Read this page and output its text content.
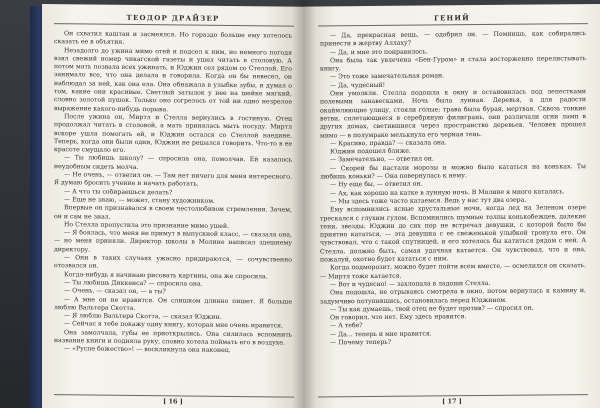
ТЕОДОР ДРАЙЗЕР

Он схватил каштан и засмеялся. Но гораздо больше ему хотелось сказать ее в объятия.

Незадолго до ужина мимо отей и подсел к ним, но немного погодя взял свежий номер чикагской газеты и ушел читать в столовую. А потом мать позвала всех ужинать, и Юджин сел рядом со Стеллой. Его занимало все, что она делала и говорила. Когда он бы невесел, он наблюдал за ней, как она ела. Она обнажала в улыбке зубы, и думал о том, какие они красивые. Светлый затылок у нее на шейке мягкий, словно золотой пушок. Только оно согрелось от той ни одно незрелое выражение какого-нибудь порыва.

После ужина он, Миртл и Стелла вернулись в гостиную. Отец продолжал читать в столовой, а мать принялась мыть посуду. Миртл вскоре ушла помогать ей, и Юджин остался со Стеллой наедине. Теперь, когда они были одни, Юджин не решался говорить. Что-то в ее красоте смущало его.

— Ты любишь школу? — спросила она, помолчав. Ей казалось неудобным сидеть молча.

— Не очень, — ответил он. — Там нет ничего для меня интересного. Я думаю бросить учение и начать работать.

— А что ты собираешься делать?

— Еще не знаю, — может, стану художником.

Впервые он признавался в своем честолюбивом стремлении. Зачем, он и сам не знал.

Но Стелла пропустила это признание мимо ушей.

— Я боялась, что меня не примут в выпускной класс, — сказала она, — но меня приняли. Директор школы в Молине написал здешнему директору.

— Они в таких случаях ужасно придираются, — сочувственно отозвался он.

Когда-нибудь я начинаю рисовать картины, она же спросила.

— Ты любишь Диккенса? — спросила она.

— Очень, — сказал он, — а ты?

— А мне он не нравится. Он слишком длинно пишет. Я больше люблю Вальтера Скотта.

— Я люблю Вальтера Скотта, — сказал Юджин.

— Сейчас я тебе покажу одну книгу, которая мне очень нравится.

Она замолчала, губы ее приоткрылись. Она силилась вспомнить название книги и подняла руку, словно хотела поймать его в воздухе.

— «Руспе божество»! — воскликнула она наконец.

[ 16 ]
ГЕНИЙ

— Да, прекрасная вещь, — одобрил он. — Помнишь, как собирались принести в жертву Аллаху?

— Да, и мне это понравилось.

Она была так увлечена «Бен-Гуром» и стала восторженно перелистывать книгу.

— Это тоже замечательная роман.

— Да, чудесный!

Они умолкли. Стелла подошла к окну и остановилась под лепестками полевыми занавесками. Ночь была лунная. Деревья, а для радости окаймляющие улицу, стояли голые; трава была бурая, мертвая. Сквозь тонкие ветви, сплетающиеся в серебряную филигрань, они различали огни ламп в других домах, светившиеся через пространство деревьев. Человек прошел мимо — в полумраке мелькнула его черная тень.

— Красиво, правда? — сказала она.

Юджин подошел ближе.

— Замечательно, — ответил он.

— Скорей бы настали морозы и можно было кататься на коньках. Ты любишь коньки? — Она повернулась к нему.

— Ну еще бы, — ответил он.

— Ах, как хорошо на катке в лунную ночь. В Молине я много каталась.

— Мы здесь тоже часто катаемся. Ведь у нас тут два озера.

Ему вспомнились ясные хрустальные ночи, когда лед на Зеленом озере трескался с глухим гулом. Вспомнились шумные толпы конькобежцев, далекие тени, звезды. Юджин до сих пор не встречал девушки, с которой было бы приятно кататься, — эта девушка с ее свеженькой улыбкой тронула его. Он чувствовал, что с такой спутницей, и его хотелось бы катиться рядом с ней. А Стелла, должно быть, самая удачная катается. Он чувствовал, что и она, пожалуй, охотно будет кататься с ним.

Когда подморозит, можно будет пойти всем вместе, — осмелился он сказать. — Миртл тоже катается.

— Вот и чудесно! — захлопала в ладоши Стелла.

Она подошла, не отрываясь смотрела в окно, потом вернулась к камину и, задумчиво потупившись, остановилась перед Юджином.

— Ты как думаешь, твой отец не будет против? — спросил он.

Он говорил, что нет. Ему здесь нравится.

— А тебе?

— Да... теперь и мне нравится.

— Почему теперь?

[ 17 ]
